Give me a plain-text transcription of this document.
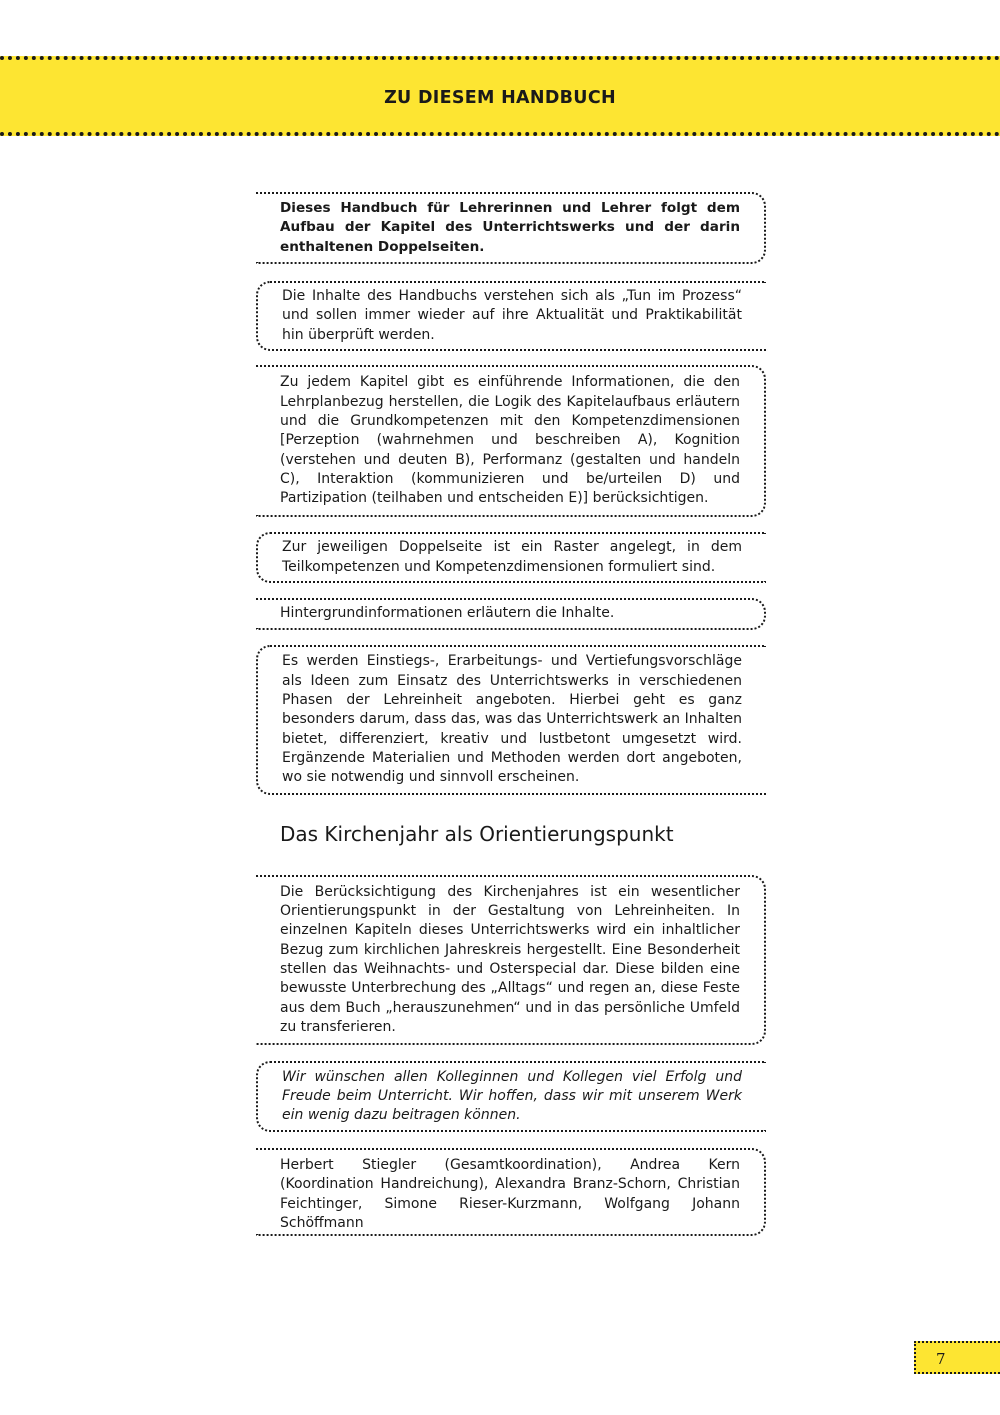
ZU DIESEM HANDBUCH

Dieses Handbuch für Lehrerinnen und Lehrer folgt dem Aufbau der Kapitel des Unterrichtswerks und der darin enthaltenen Doppelseiten.

Die Inhalte des Handbuchs verstehen sich als „Tun im Prozess“ und sollen immer wieder auf ihre Aktualität und Praktikabilität hin überprüft werden.

Zu jedem Kapitel gibt es einführende Informationen, die den Lehrplanbezug herstellen, die Logik des Kapitelaufbaus erläutern und die Grundkompetenzen mit den Kompetenzdimensionen [Perzeption (wahrnehmen und beschreiben A), Kognition (verstehen und deuten B), Performanz (gestalten und handeln C), Interaktion (kommunizieren und be/urteilen D) und Partizipation (teilhaben und entscheiden E)] berücksichtigen.

Zur jeweiligen Doppelseite ist ein Raster angelegt, in dem Teilkompetenzen und Kompetenzdimensionen formuliert sind.

Hintergrundinformationen erläutern die Inhalte.

Es werden Einstiegs-, Erarbeitungs- und Vertiefungsvorschläge als Ideen zum Einsatz des Unterrichtswerks in verschiedenen Phasen der Lehreinheit angeboten. Hierbei geht es ganz besonders darum, dass das, was das Unterrichtswerk an Inhalten bietet, differenziert, kreativ und lustbetont umgesetzt wird. Ergänzende Materialien und Methoden werden dort angeboten, wo sie notwendig und sinnvoll erscheinen.

Das Kirchenjahr als Orientierungspunkt

Die Berücksichtigung des Kirchenjahres ist ein wesentlicher Orientierungspunkt in der Gestaltung von Lehreinheiten. In einzelnen Kapiteln dieses Unterrichtswerks wird ein inhaltlicher Bezug zum kirchlichen Jahreskreis hergestellt. Eine Besonderheit stellen das Weihnachts- und Osterspecial dar. Diese bilden eine bewusste Unterbrechung des „Alltags“ und regen an, diese Feste aus dem Buch „herauszunehmen“ und in das persönliche Umfeld zu transferieren.

Wir wünschen allen Kolleginnen und Kollegen viel Erfolg und Freude beim Unterricht. Wir hoffen, dass wir mit unserem Werk ein wenig dazu beitragen können.

Herbert Stiegler (Gesamtkoordination), Andrea Kern (Koordination Handreichung), Alexandra Branz-Schorn, Christian Feichtinger, Simone Rieser-Kurzmann, Wolfgang Johann Schöffmann

7
